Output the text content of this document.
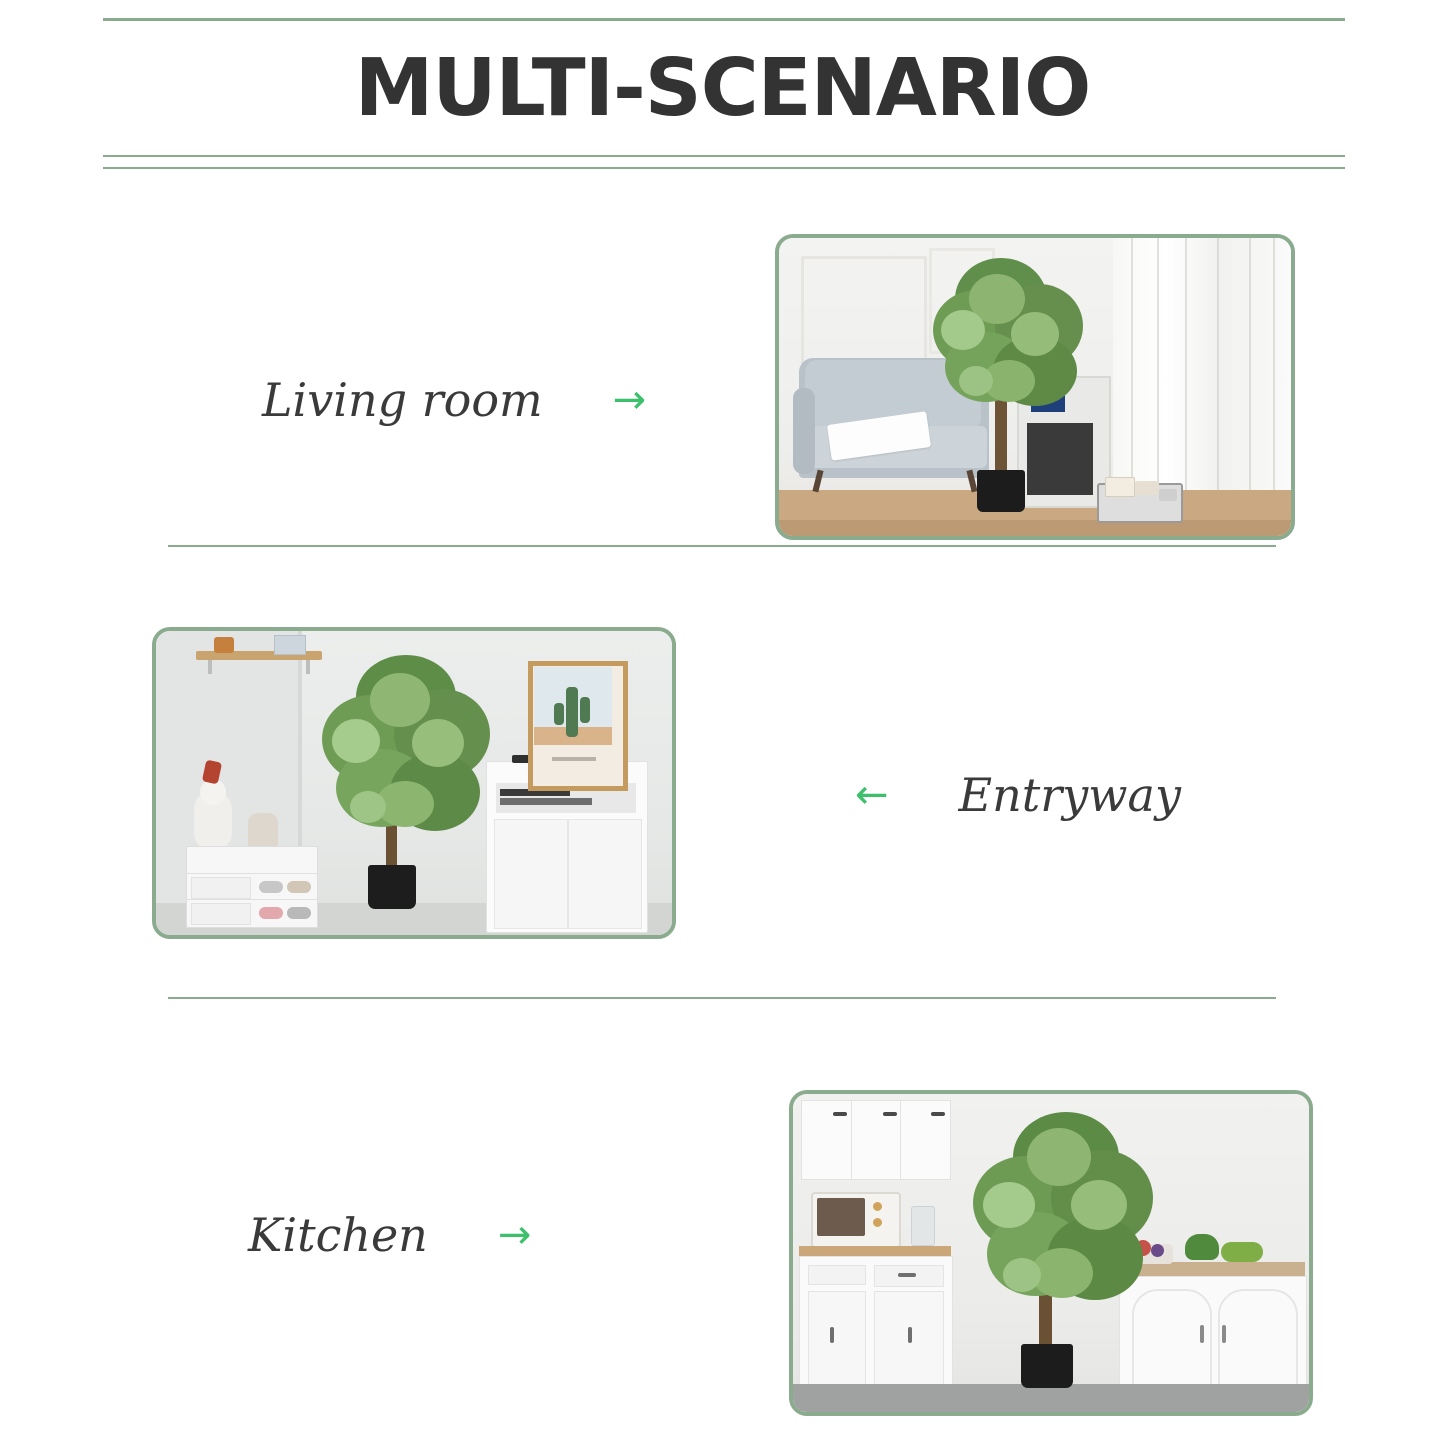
MULTI-SCENARIO
Living room →
← Entryway
Kitchen →
